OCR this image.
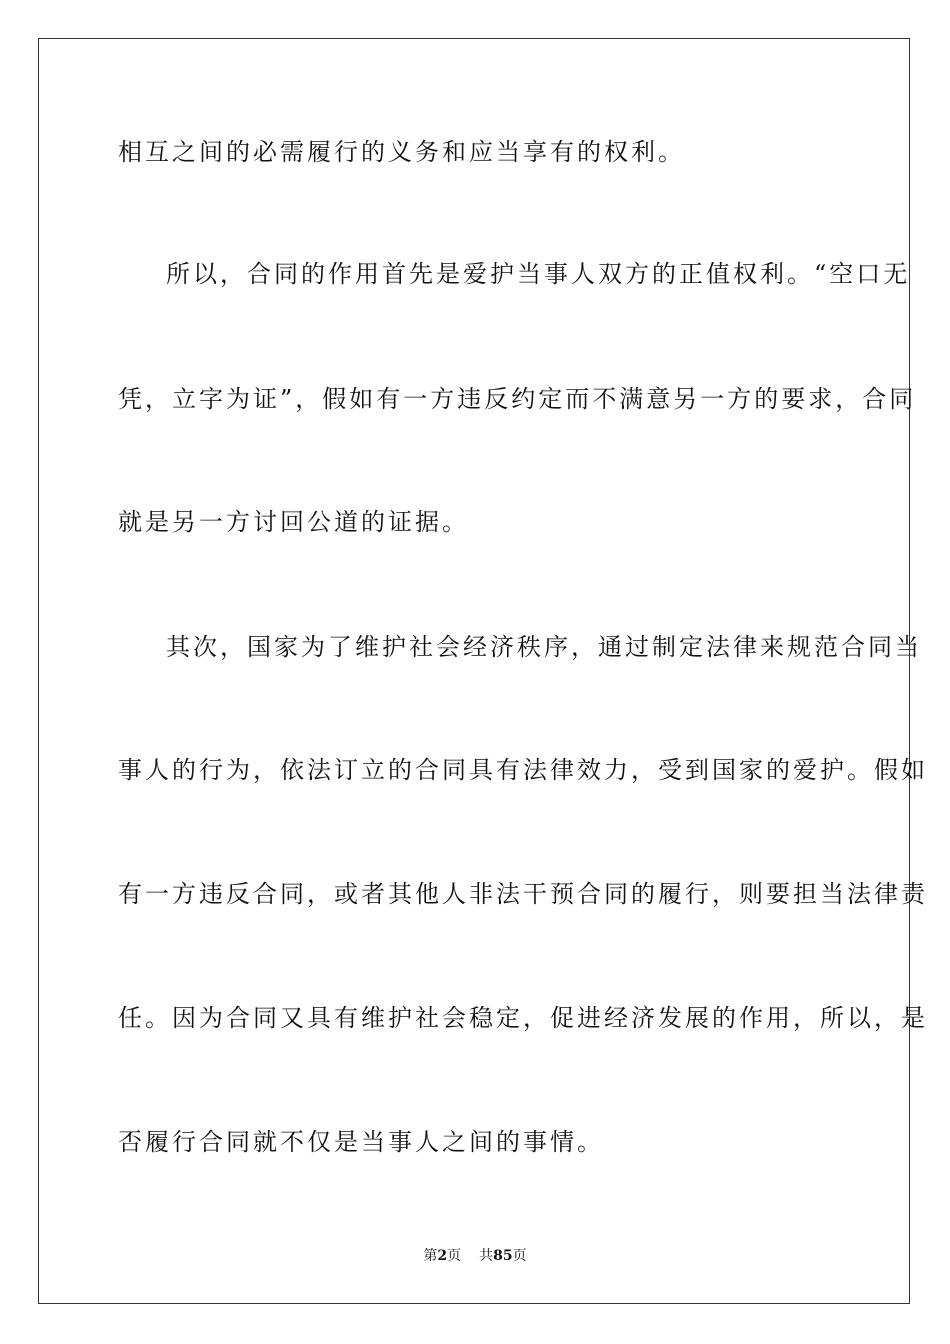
相互之间的必需履行的义务和应当享有的权利。
所以，合同的作用首先是爱护当事人双方的正值权利。“空口无
凭，立字为证”，假如有一方违反约定而不满意另一方的要求，合同
就是另一方讨回公道的证据。
其次，国家为了维护社会经济秩序，通过制定法律来规范合同当
事人的行为，依法订立的合同具有法律效力，受到国家的爱护。假如
有一方违反合同，或者其他人非法干预合同的履行，则要担当法律责
任。因为合同又具有维护社会稳定，促进经济发展的作用，所以，是
否履行合同就不仅是当事人之间的事情。
第2页 共85页
